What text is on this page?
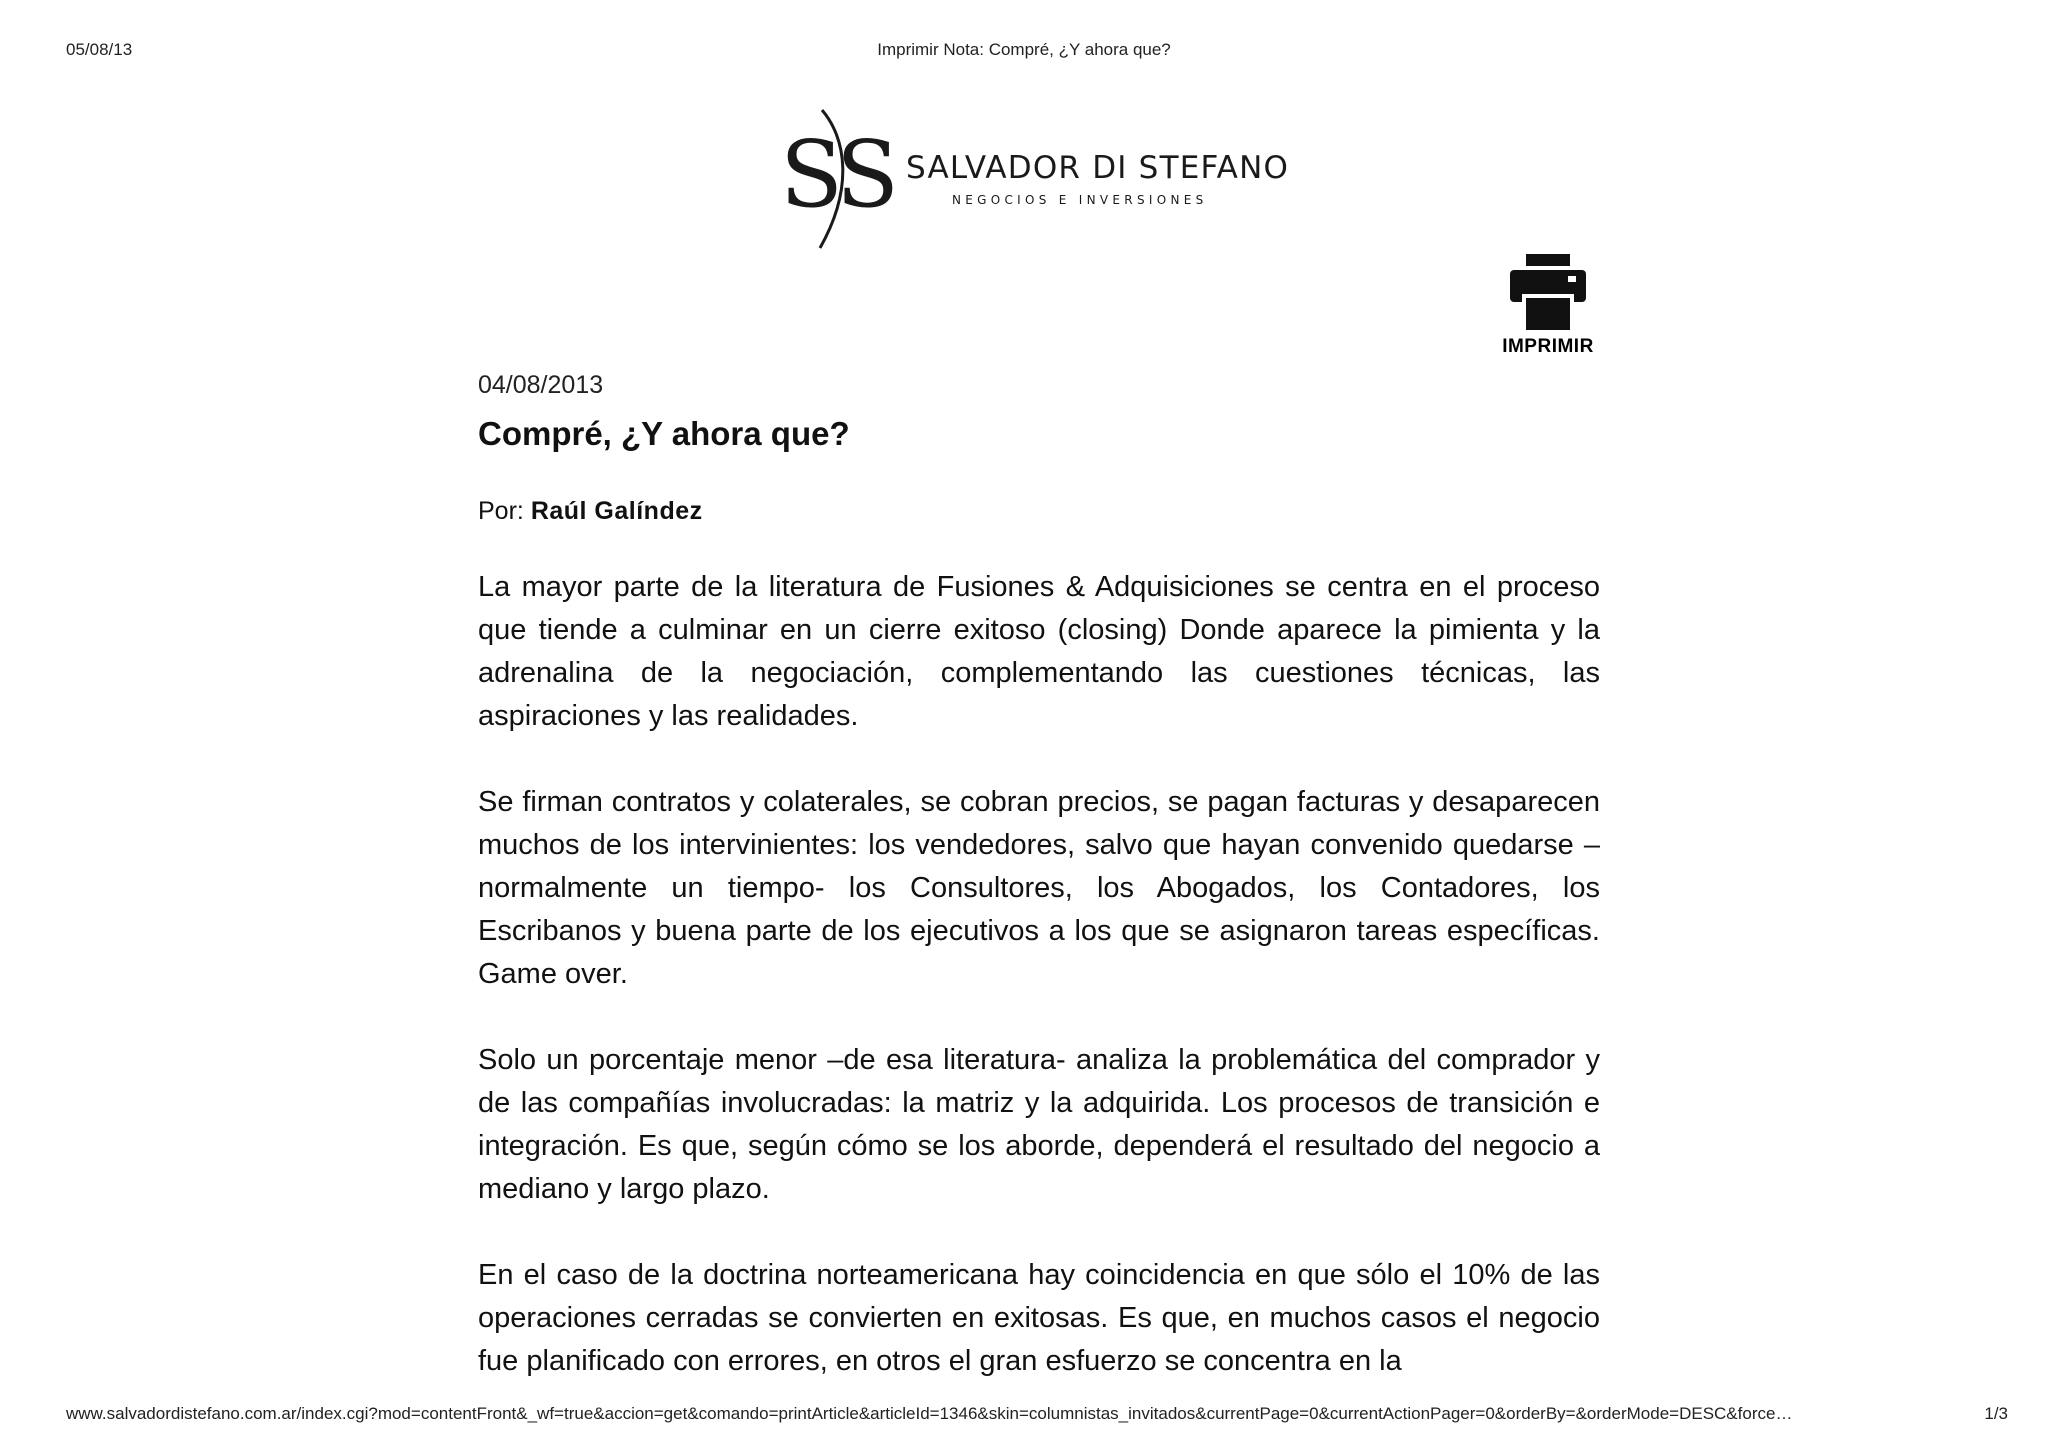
05/08/13	Imprimir Nota: Compré, ¿Y ahora que?
S
S SALVADOR DI STEFANO
NEGOCIOS E INVERSIONES
IMPRIMIR
04/08/2013
Compré, ¿Y ahora que?
Por: Raúl Galíndez

La mayor parte de la literatura de Fusiones & Adquisiciones se centra en el proceso que tiende a culminar en un cierre exitoso (closing) Donde aparece la pimienta y la adrenalina de la negociación, complementando las cuestiones técnicas, las aspiraciones y las realidades.

Se firman contratos y colaterales, se cobran precios, se pagan facturas y desaparecen muchos de los intervinientes: los vendedores, salvo que hayan convenido quedarse –normalmente un tiempo- los Consultores, los Abogados, los Contadores, los Escribanos y buena parte de los ejecutivos a los que se asignaron tareas específicas. Game over.

Solo un porcentaje menor –de esa literatura- analiza la problemática del comprador y de las compañías involucradas: la matriz y la adquirida. Los procesos de transición e integración. Es que, según cómo se los aborde, dependerá el resultado del negocio a mediano y largo plazo.

En el caso de la doctrina norteamericana hay coincidencia en que sólo el 10% de las operaciones cerradas se convierten en exitosas. Es que, en muchos casos el negocio fue planificado con errores, en otros el gran esfuerzo se concentra en la

www.salvadordistefano.com.ar/index.cgi?mod=contentFront&_wf=true&accion=get&comando=printArticle&articleId=1346&skin=columnistas_invitados&currentPage=0&currentActionPager=0&orderBy=&orderMode=DESC&force…	1/3
